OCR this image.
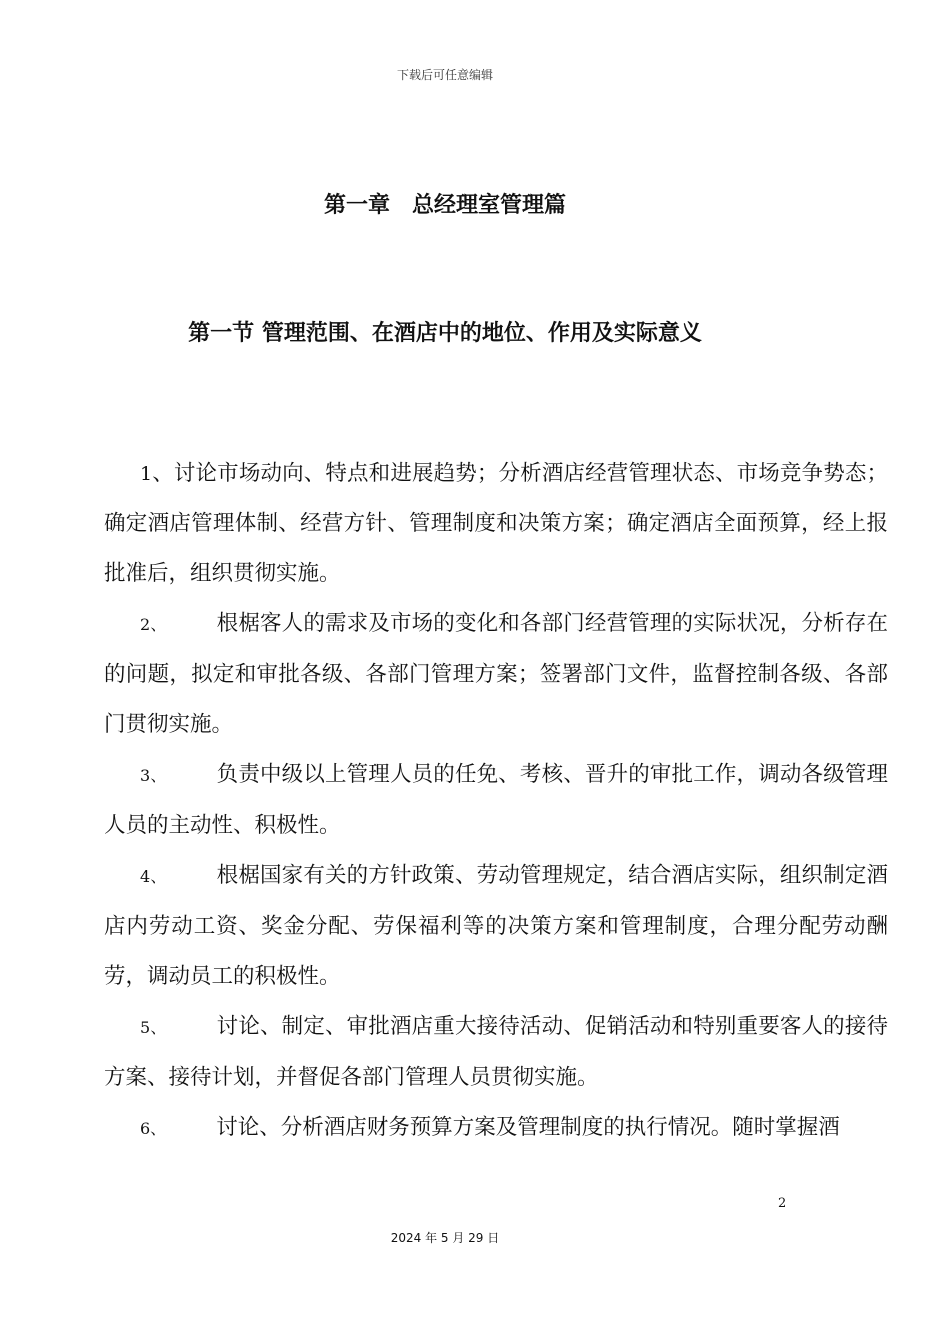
下载后可任意编辑
第一章　总经理室管理篇
第一节 管理范围、在酒店中的地位、作用及实际意义

1、讨论市场动向、特点和进展趋势；分析酒店经营管理状态、市场竞争势态；确定酒店管理体制、经营方针、管理制度和决策方案；确定酒店全面预算，经上报批准后，组织贯彻实施。

2、 根椐客人的需求及市场的变化和各部门经营管理的实际状况，分析存在的问题，拟定和审批各级、各部门管理方案；签署部门文件，监督控制各级、各部门贯彻实施。

3、 负责中级以上管理人员的任免、考核、晋升的审批工作，调动各级管理人员的主动性、积极性。

4、 根椐国家有关的方针政策、劳动管理规定，结合酒店实际，组织制定酒店内劳动工资、奖金分配、劳保福利等的决策方案和管理制度，合理分配劳动酬劳，调动员工的积极性。

5、 讨论、制定、审批酒店重大接待活动、促销活动和特别重要客人的接待方案、接待计划，并督促各部门管理人员贯彻实施。

6、 讨论、分析酒店财务预算方案及管理制度的执行情况。随时掌握酒

2
2024 年 5 月 29 日
